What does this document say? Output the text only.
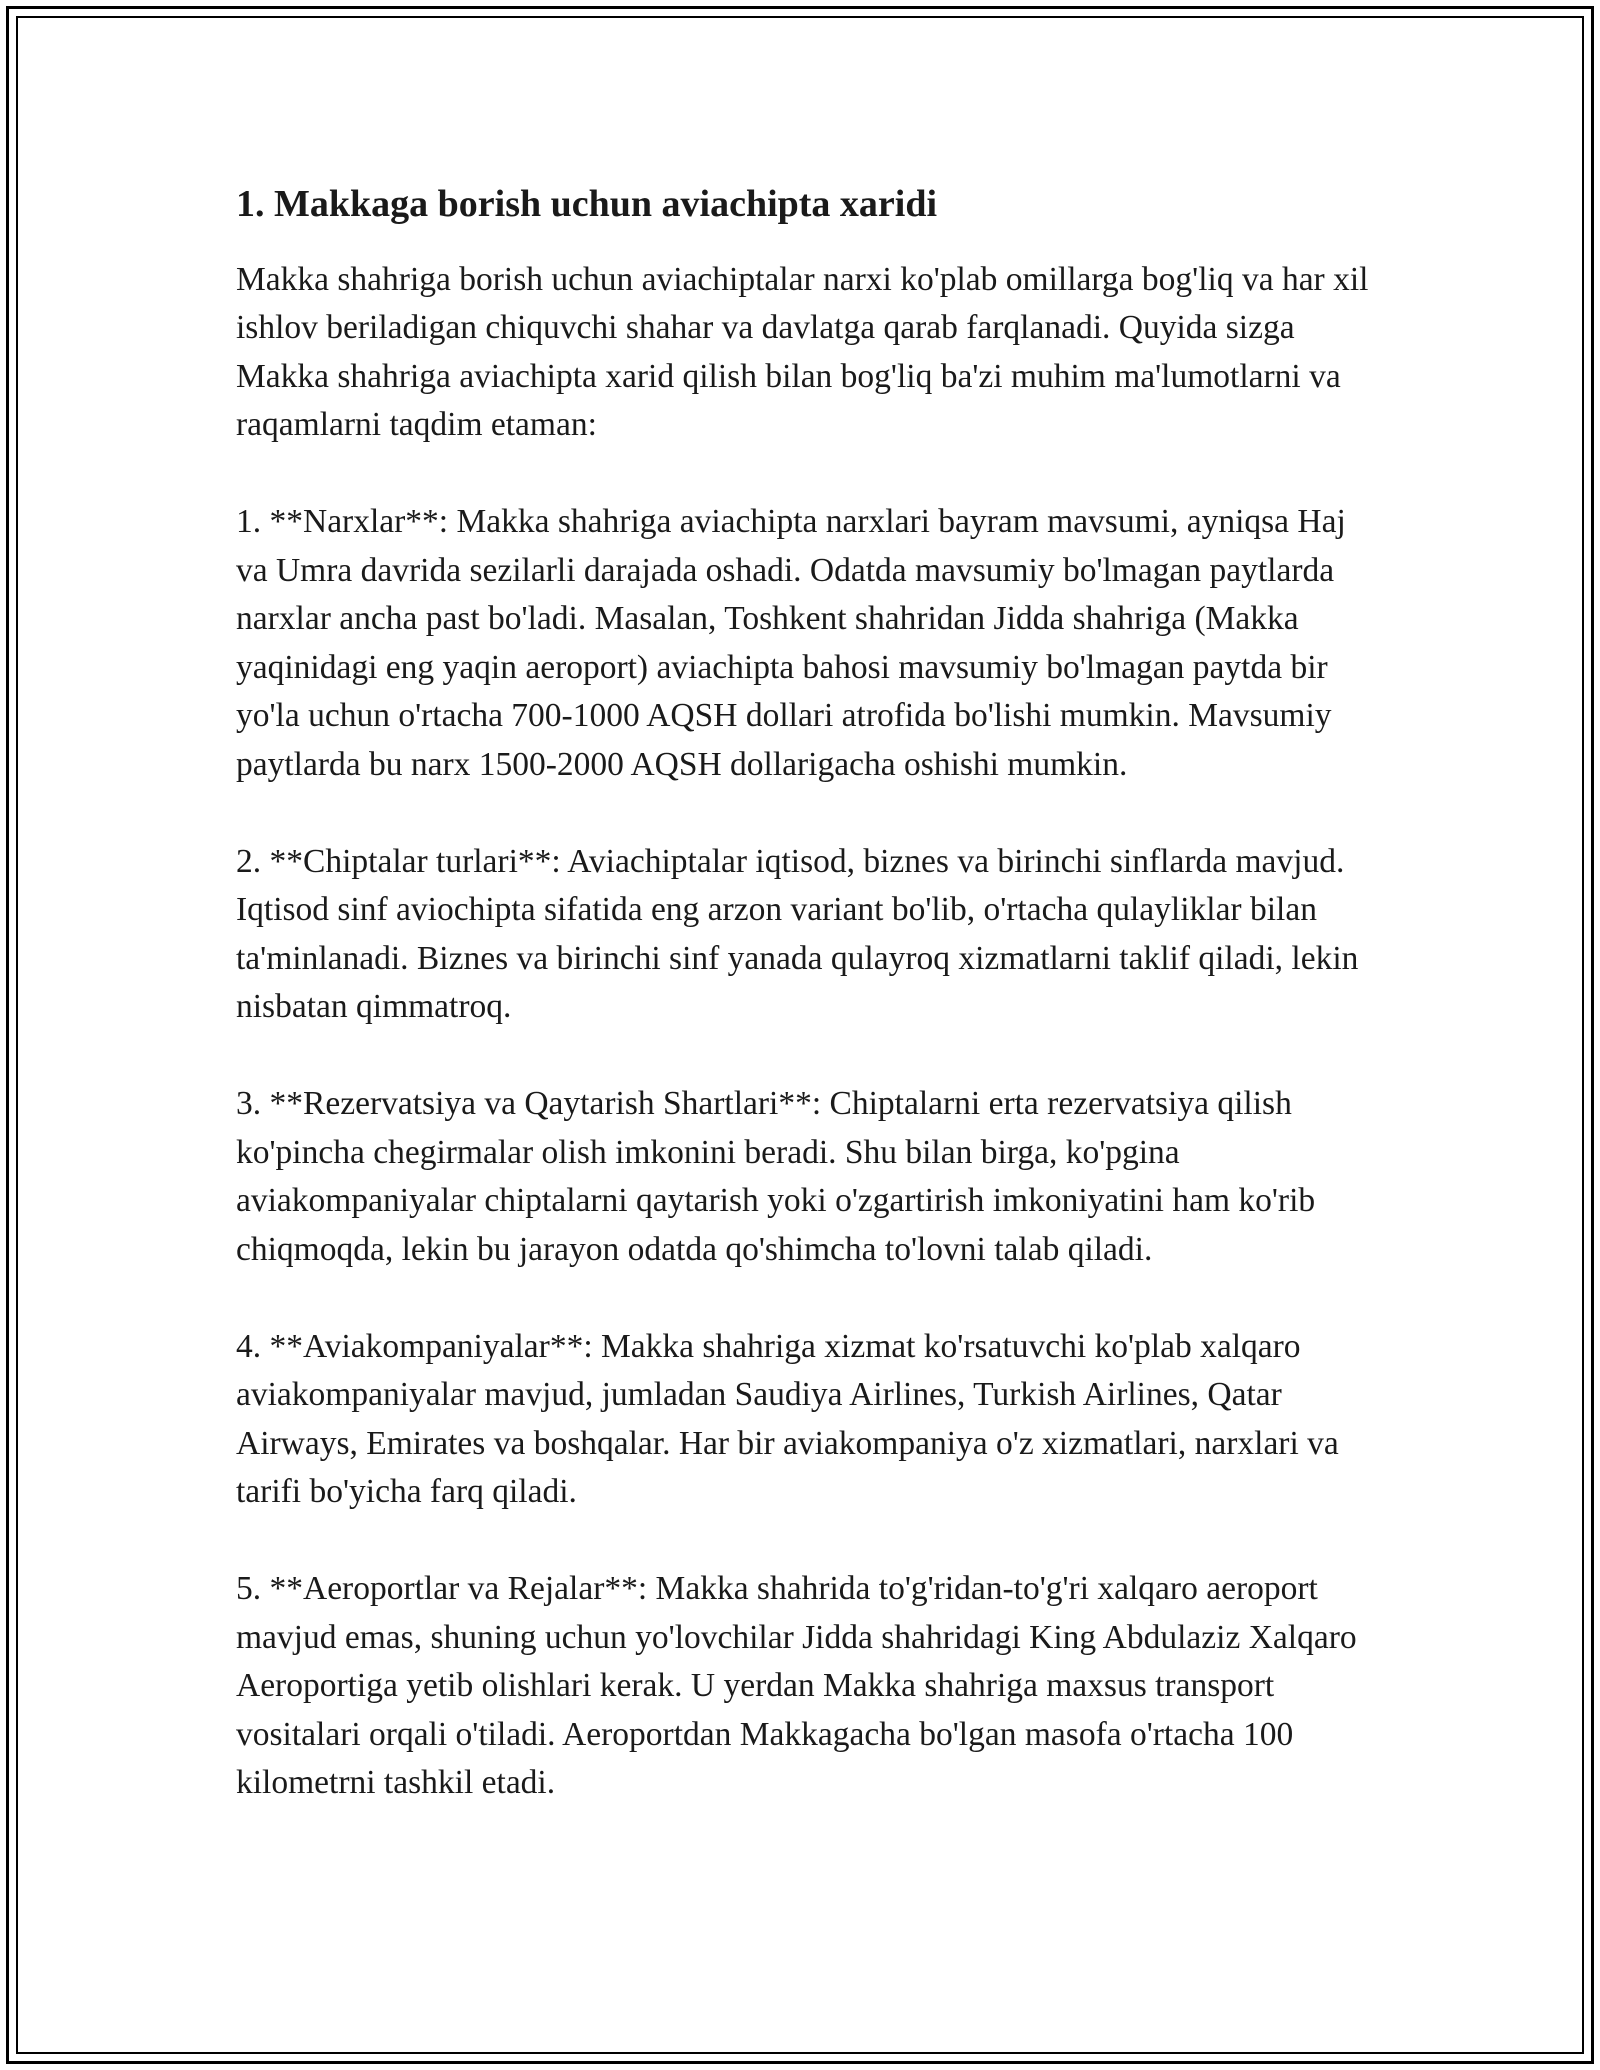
1. Makkaga borish uchun aviachipta xaridi

Makka shahriga borish uchun aviachiptalar narxi ko'plab omillarga bog'liq va har xil ishlov beriladigan chiquvchi shahar va davlatga qarab farqlanadi. Quyida sizga Makka shahriga aviachipta xarid qilish bilan bog'liq ba'zi muhim ma'lumotlarni va raqamlarni taqdim etaman:

1. **Narxlar**: Makka shahriga aviachipta narxlari bayram mavsumi, ayniqsa Haj va Umra davrida sezilarli darajada oshadi. Odatda mavsumiy bo'lmagan paytlarda narxlar ancha past bo'ladi. Masalan, Toshkent shahridan Jidda shahriga (Makka yaqinidagi eng yaqin aeroport) aviachipta bahosi mavsumiy bo'lmagan paytda bir yo'la uchun o'rtacha 700-1000 AQSH dollari atrofida bo'lishi mumkin. Mavsumiy paytlarda bu narx 1500-2000 AQSH dollarigacha oshishi mumkin.

2. **Chiptalar turlari**: Aviachiptalar iqtisod, biznes va birinchi sinflarda mavjud. Iqtisod sinf aviochipta sifatida eng arzon variant bo'lib, o'rtacha qulayliklar bilan ta'minlanadi. Biznes va birinchi sinf yanada qulayroq xizmatlarni taklif qiladi, lekin nisbatan qimmatroq.

3. **Rezervatsiya va Qaytarish Shartlari**: Chiptalarni erta rezervatsiya qilish ko'pincha chegirmalar olish imkonini beradi. Shu bilan birga, ko'pgina aviakompaniyalar chiptalarni qaytarish yoki o'zgartirish imkoniyatini ham ko'rib chiqmoqda, lekin bu jarayon odatda qo'shimcha to'lovni talab qiladi.

4. **Aviakompaniyalar**: Makka shahriga xizmat ko'rsatuvchi ko'plab xalqaro aviakompaniyalar mavjud, jumladan Saudiya Airlines, Turkish Airlines, Qatar Airways, Emirates va boshqalar. Har bir aviakompaniya o'z xizmatlari, narxlari va tarifi bo'yicha farq qiladi.

5. **Aeroportlar va Rejalar**: Makka shahrida to'g'ridan-to'g'ri xalqaro aeroport mavjud emas, shuning uchun yo'lovchilar Jidda shahridagi King Abdulaziz Xalqaro Aeroportiga yetib olishlari kerak. U yerdan Makka shahriga maxsus transport vositalari orqali o'tiladi. Aeroportdan Makkagacha bo'lgan masofa o'rtacha 100 kilometrni tashkil etadi.
